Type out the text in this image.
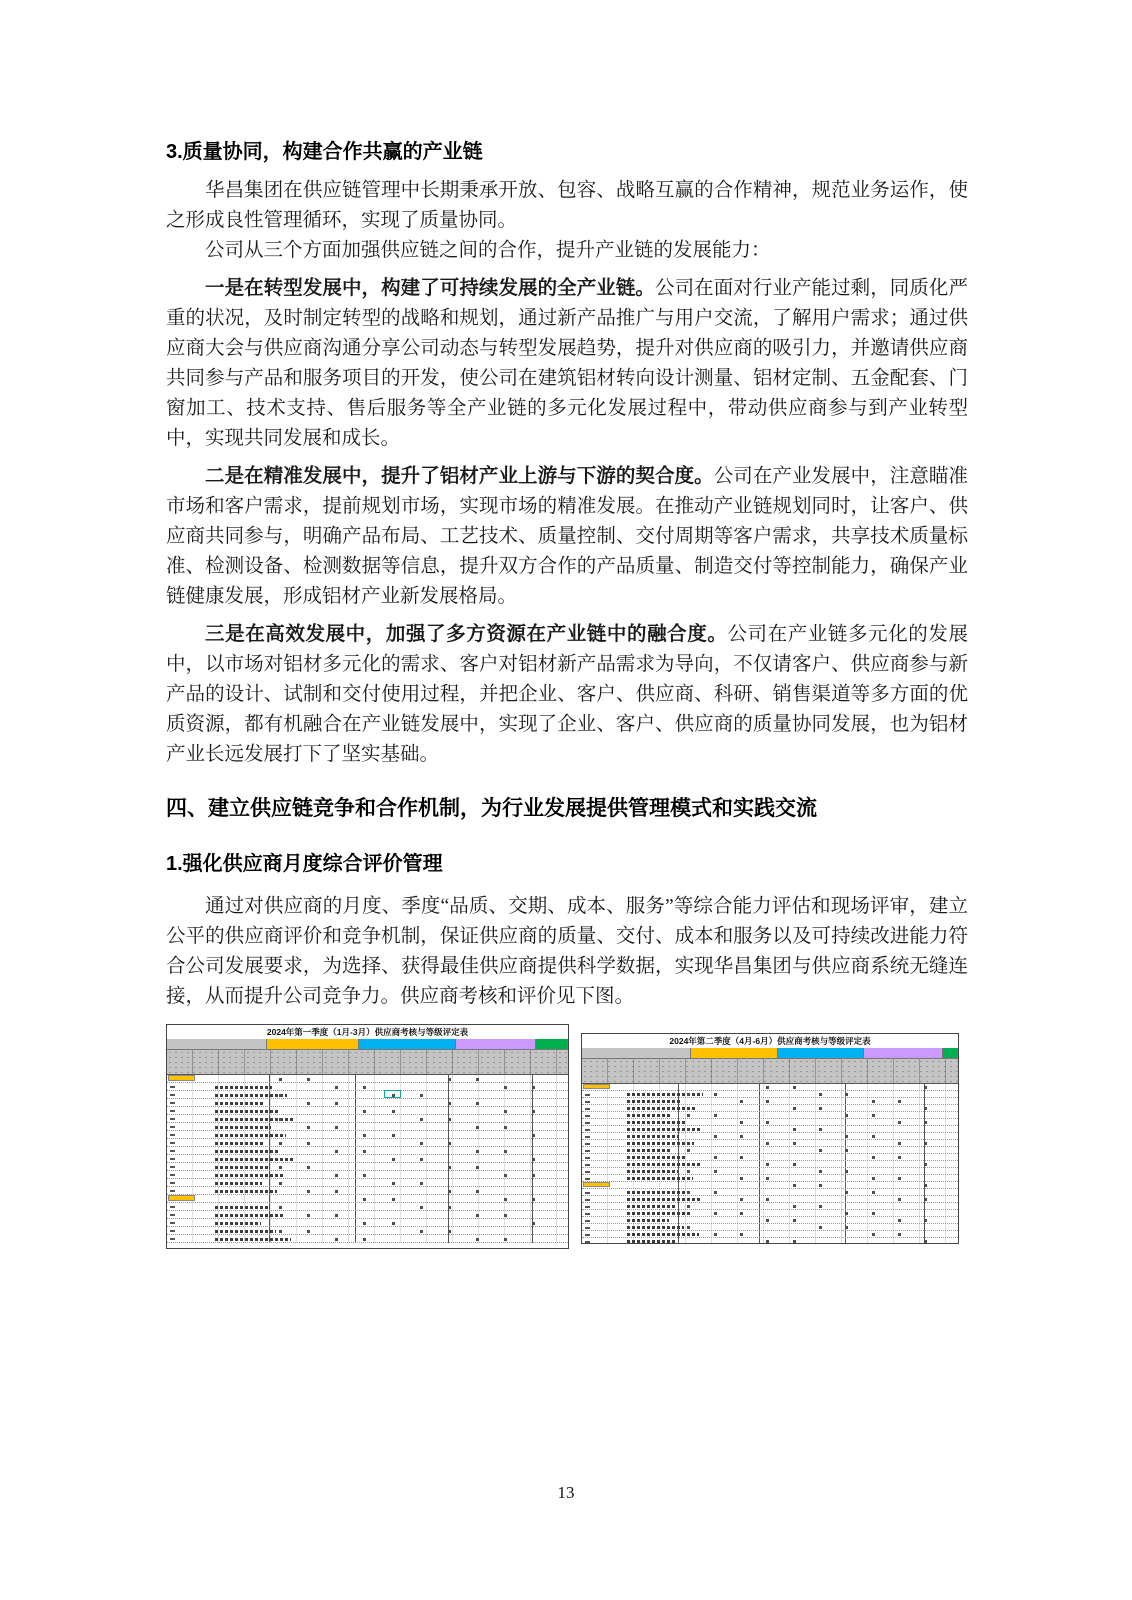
3.质量协同，构建合作共赢的产业链

华昌集团在供应链管理中长期秉承开放、包容、战略互赢的合作精神，规范业务运作，使之形成良性管理循环，实现了质量协同。

公司从三个方面加强供应链之间的合作，提升产业链的发展能力：

一是在转型发展中，构建了可持续发展的全产业链。公司在面对行业产能过剩，同质化严重的状况，及时制定转型的战略和规划，通过新产品推广与用户交流，了解用户需求；通过供应商大会与供应商沟通分享公司动态与转型发展趋势，提升对供应商的吸引力，并邀请供应商共同参与产品和服务项目的开发，使公司在建筑铝材转向设计测量、铝材定制、五金配套、门窗加工、技术支持、售后服务等全产业链的多元化发展过程中，带动供应商参与到产业转型中，实现共同发展和成长。

二是在精准发展中，提升了铝材产业上游与下游的契合度。公司在产业发展中，注意瞄准市场和客户需求，提前规划市场，实现市场的精准发展。在推动产业链规划同时，让客户、供应商共同参与，明确产品布局、工艺技术、质量控制、交付周期等客户需求，共享技术质量标准、检测设备、检测数据等信息，提升双方合作的产品质量、制造交付等控制能力，确保产业链健康发展，形成铝材产业新发展格局。

三是在高效发展中，加强了多方资源在产业链中的融合度。公司在产业链多元化的发展中，以市场对铝材多元化的需求、客户对铝材新产品需求为导向，不仅请客户、供应商参与新产品的设计、试制和交付使用过程，并把企业、客户、供应商、科研、销售渠道等多方面的优质资源，都有机融合在产业链发展中，实现了企业、客户、供应商的质量协同发展，也为铝材产业长远发展打下了坚实基础。

四、建立供应链竞争和合作机制，为行业发展提供管理模式和实践交流
1.强化供应商月度综合评价管理

通过对供应商的月度、季度“品质、交期、成本、服务”等综合能力评估和现场评审，建立公平的供应商评价和竞争机制，保证供应商的质量、交付、成本和服务以及可持续改进能力符合公司发展要求，为选择、获得最佳供应商提供科学数据，实现华昌集团与供应商系统无缝连接，从而提升公司竞争力。供应商考核和评价见下图。

2024年第一季度（1月-3月）供应商考核与等级评定表
2024年第二季度（4月-6月）供应商考核与等级评定表
13
